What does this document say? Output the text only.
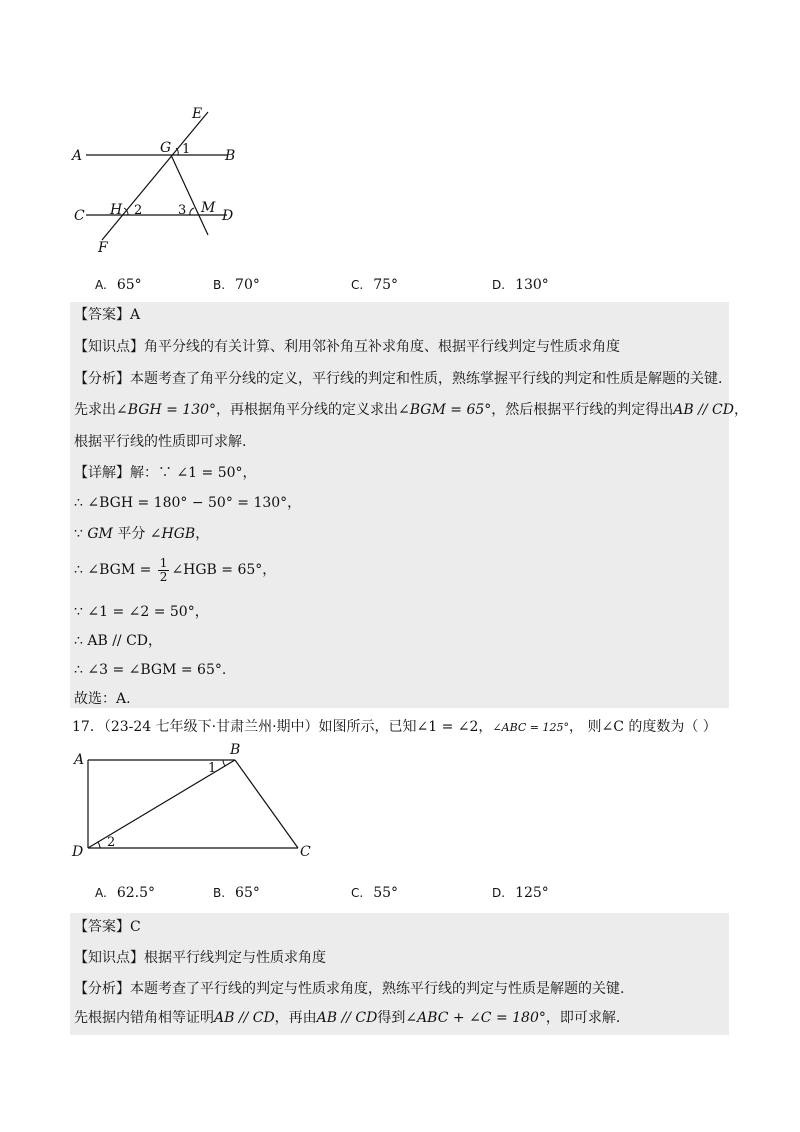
E
A	G 1 B
C H 2	3 M D
F
A. 65°	B. 70°	C. 75°	D. 130°
【答案】A
【知识点】角平分线的有关计算、利用邻补角互补求角度、根据平行线判定与性质求角度
【分析】本题考查了角平分线的定义，平行线的判定和性质，熟练掌握平行线的判定和性质是解题的关键.
先求出∠BGH = 130°，再根据角平分线的定义求出∠BGM = 65°，然后根据平行线的判定得出AB // CD，
根据平行线的性质即可求解.
【详解】解：∵ ∠1 = 50°，
∴ ∠BGH = 180° − 50° = 130°，
∵ GM 平分 ∠HGB，
∴ ∠BGM = $\frac{1}{2}$ ∠HGB = 65°，
∵ ∠1 = ∠2 = 50°，
∴ AB // CD，
∴ ∠3 = ∠BGM = 65°.
故选：A.
17．（23-24 七年级下·甘肃兰州·期中）如图所示，已知∠1 = ∠2，∠ABC = 125°， 则∠C 的度数为（ ）
A
B
1
D
2
C
A. 62.5°	B. 65°	C. 55°	D. 125°
【答案】C
【知识点】根据平行线判定与性质求角度
【分析】本题考查了平行线的判定与性质求角度，熟练平行线的判定与性质是解题的关键.
先根据内错角相等证明AB // CD，再由AB // CD得到∠ABC + ∠C = 180°，即可求解.
